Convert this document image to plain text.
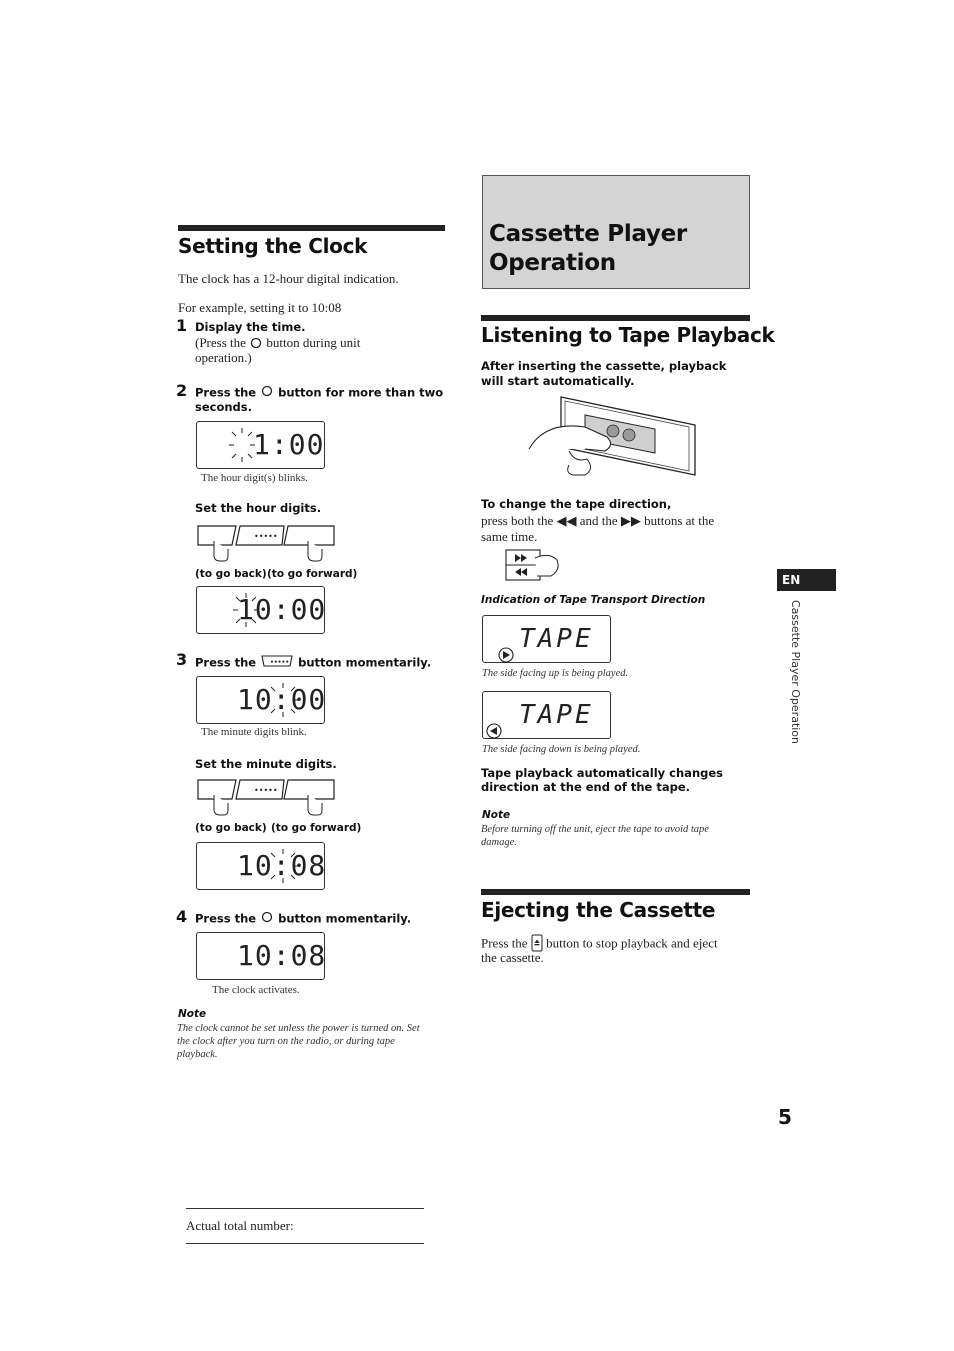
Setting the Clock
The clock has a 12-hour digital indication.
For example, setting it to 10:08
1 Display the time.
(Press the button during unit
operation.)
2 Press the button for more than two
seconds.
1:00
The hour digit(s) blinks.
Set the hour digits.
•••••
(to go back) (to go forward)
10:00
3 Press the ••••• button momentarily.
10:00
The minute digits blink.
Set the minute digits.
•••••
(to go back) (to go forward)
10:08
4 Press the button momentarily.
10:08
The clock activates.
Note
The clock cannot be set unless the power is turned on. Set
the clock after you turn on the radio, or during tape
playback.
Cassette Player
Operation
Listening to Tape Playback
After inserting the cassette, playback
will start automatically.
To change the tape direction,
press both the ◀◀ and the ▶▶ buttons at the
same time.
Indication of Tape Transport Direction
TAPE
The side facing up is being played.
TAPE
The side facing down is being played.
Tape playback automatically changes
direction at the end of the tape.
Note
Before turning off the unit, eject the tape to avoid tape
damage.
Ejecting the Cassette
Press the button to stop playback and eject
the cassette.
EN
Cassette Player Operation
5
Actual total number:
